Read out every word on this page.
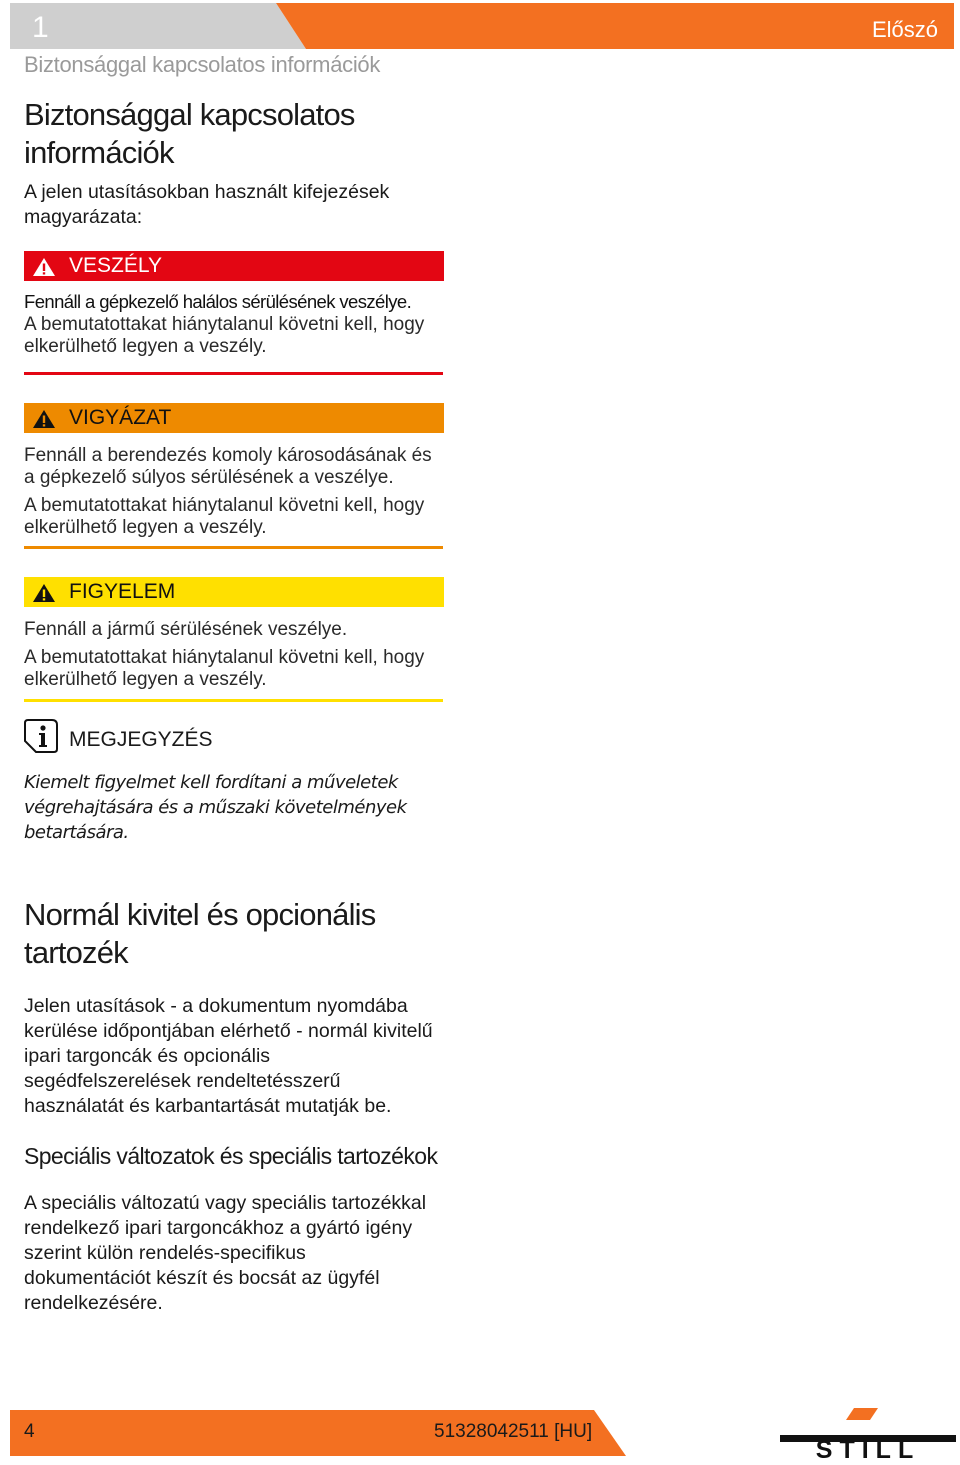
1	Előszó
Biztonsággal kapcsolatos információk
Biztonsággal kapcsolatos információk

A jelen utasításokban használt kifejezések magyarázata:

VESZÉLY

Fennáll a gépkezelő halálos sérülésének veszélye.

A bemutatottakat hiánytalanul követni kell, hogy elkerülhető legyen a veszély.

VIGYÁZAT

Fennáll a berendezés komoly károsodásának és a gépkezelő súlyos sérülésének a veszélye.

A bemutatottakat hiánytalanul követni kell, hogy elkerülhető legyen a veszély.

FIGYELEM

Fennáll a jármű sérülésének veszélye.

A bemutatottakat hiánytalanul követni kell, hogy elkerülhető legyen a veszély.

MEGJEGYZÉS

Kiemelt figyelmet kell fordítani a műveletek végrehajtására és a műszaki követelmények betartására.

Normál kivitel és opcionális tartozék

Jelen utasítások - a dokumentum nyomdába kerülése időpontjában elérhető - normál kivitelű ipari targoncák és opcionális segédfelszerelések rendeltetésszerű használatát és karbantartását mutatják be.

Speciális változatok és speciális tartozékok

A speciális változatú vagy speciális tartozékkal rendelkező ipari targoncákhoz a gyártó igény szerint külön rendelés-specifikus dokumentációt készít és bocsát az ügyfél rendelkezésére.

4	51328042511 [HU]
STILL
